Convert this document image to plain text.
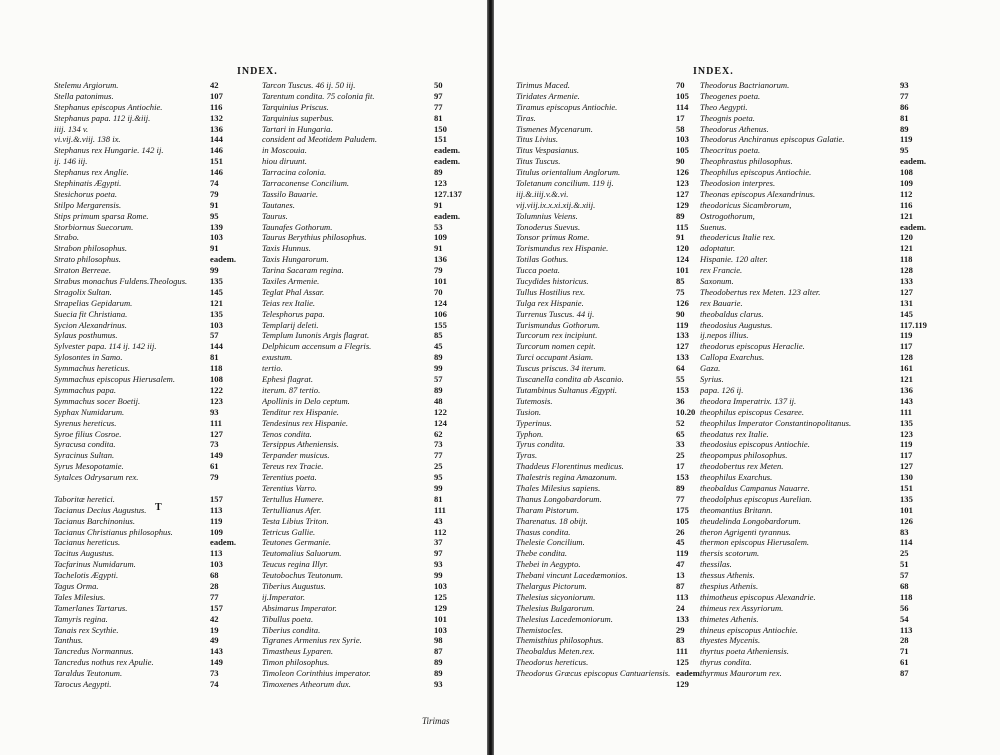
INDEX.	INDEX.
Stelemu Argiorum.	42
Stella patonimus.	107
Stephanus episcopus Antiochie.	116
Stephanus papa. 112 ij.&iij.	132
iiij. 134 v.	136
vi.vij.&.viij. 138 ix.	144
Stephanus rex Hungarie. 142 ij.	146
ij. 146 iij.	151
Stephanus rex Anglie.	146
Stephinatis Ægypti.	74
Stesichorus poeta.	79
Stilpo Mergarensis.	91
Stips primum sparsa Rome.	95
Storbiornus Suecorum.	139
Strabo.	103
Strabon philosophus.	91
Strato philosophus.	eadem.
Straton Berreae.	99
Strabus monachus Fuldens.Theologus.	135
Stragolix Sultan.	145
Strapelias Gepidarum.	121
Suecia fit Christiana.	135
Sycion Alexandrinus.	103
Sylaus posthumus.	57
Sylvester papa. 114 ij. 142 iij.	144
Sylosontes in Samo.	81
Symmachus hereticus.	118
Symmachus episcopus Hierusalem.	108
Symmachus papa.	122
Symmachus socer Boetij.	123
Syphax Numidarum.	93
Syrenus hereticus.	111
Syroe filius Cosroe.	127
Syracusa condita.	73
Syracinus Sultan.	149
Syrus Mesopotamie.	61
Sytalces Odrysarum rex.	79
Taboritæ heretici.	157
Tacianus Decius Augustus.	113
Tacianus Barchinonius.	119
Tacianus Christianus philosophus.	109
Tacianus hereticus.	eadem.
Tacitus Augustus.	113
Tacfarinus Numidarum.	103
Tachelotis Ægypti.	68
Tagus Orma.	28
Tales Milesius.	77
Tamerlanes Tartarus.	157
Tamyris regina.	42
Tanais rex Scythie.	19
Tanthus.	49
Tancredus Normannus.	143
Tancredus nothus rex Apulie.	149
Taraldus Teutonum.	73
Tarocus Aegypti.	74
Tarcon Tuscus. 46 ij. 50 iij.	50
Tarentum condita. 75 colonia fit.	97
Tarquinius Priscus.	77
Tarquinius superbus.	81
Tartari in Hungaria.	150
consident ad Meotidem Paludem.	151
in Moscouia.	eadem.
hiou diruunt.	eadem.
Tarracina colonia.	89
Tarraconense Concilium.	123
Tassilo Bauarie.	127.137
Tautanes.	91
Taurus.	eadem.
Taunafes Gothorum.	53
Taurus Berythius philosophus.	109
Taxis Hunnus.	91
Taxis Hungarorum.	136
Tarina Sacaram regina.	79
Taxiles Armenie.	101
Teglat Phal Assar.	70
Teias rex Italie.	124
Telesphorus papa.	106
Templarij deleti.	155
Templum Iunonis Argis flagrat.	85
Delphicum accensum a Flegris.	45
exustum.	89
tertio.	99
Ephesi flagrat.	57
iterum. 87 tertio.	89
Apollinis in Delo ceptum.	48
Tenditur rex Hispanie.	122
Tendesinus rex Hispanie.	124
Tenos condita.	62
Tersippus Atheniensis.	73
Terpander musicus.	77
Tereus rex Tracie.	25
Terentius poeta.	95
Terentius Varro.	99
Tertullus Humere.	81
Tertullianus Afer.	111
Testa Libius Triton.	43
Tetricus Gallie.	112
Teutones Germanie.	37
Teutomalius Saluorum.	97
Teucus regina Illyr.	93
Teutobochus Teutonum.	99
Tiberius Augustus.	103
ij.Imperator.	125
Absimarus Imperator.	129
Tibullus poeta.	101
Tiberius condita.	103
Tigranes Armenius rex Syrie.	98
Timastheus Lyparen.	87
Timon philosophus.	89
Timoleon Corinthius imperator.	89
Timoxenes Atheorum dux.	93
Tirimus Maced.	70
Tiridates Armenie.	105
Tiramus episcopus Antiochie.	114
Tiras.	17
Tismenes Mycenarum.	58
Titus Livius.	103
Titus Vespasianus.	105
Titus Tuscus.	90
Titulus orientalium Anglorum.	126
Toletanum concilium. 119 ij.	123
iij.&.iiij.v.&.vi.	127
vij.viij.ix.x.xi.xij.&.xiij.	129
Tolumnius Veiens.	89
Tonoderus Suevus.	115
Tonsor primus Rome.	91
Torismundus rex Hispanie.	120
Totilas Gothus.	124
Tucca poeta.	101
Tucydides historicus.	85
Tullus Hostilius rex.	75
Tulga rex Hispanie.	126
Turrenus Tuscus. 44 ij.	90
Turismundus Gothorum.	119
Turcorum rex incipiunt.	133
Turcorum nomen cepit.	127
Turci occupant Asiam.	133
Tuscus priscus. 34 iterum.	64
Tuscanella condita ab Ascanio.	55
Tutambinus Sultanus Ægypti.	153
Tutemosis.	36
Tusion.	10.20
Typerinus.	52
Typhon.	65
Tyrus condita.	33
Tyras.	25
Thaddeus Florentinus medicus.	17
Thalestris regina Amazonum.	153
Thales Milesius sapiens.	89
Thanus Longobardorum.	77
Tharam Pistorum.	175
Tharenatus. 18 obijt.	105
Thasus condita.	26
Thelesie Concilium.	45
Thebe condita.	119
Thebei in Aegypto.	47
Thebani vincunt Lacedæmonios.	13
Thelargus Pictorum.	87
Thelesius sicyoniorum.	113
Thelesius Bulgarorum.	24
Thelesius Lacedemoniorum.	133
Themistocles.	29
Themisthius philosophus.	83
Theobaldus Meten.rex.	111
Theodorus hereticus.	125
Theodorus Græcus episcopus Cantuariensis. eadem.
129
Theodorus Bactrianorum.	93
Theogenes poeta.	77
Theo Aegypti.	86
Theognis poeta.	81
Theodorus Athenus.	89
Theodorus Anchiranus episcopus Galatie.	119
Theocritus poeta.	95
Theophrastus philosophus.	eadem.
Theophilus episcopus Antiochie.	108
Theodosion interpres.	109
Theonas episcopus Alexandrinus.	112
theodoricus Sicambrorum,	116
Ostrogothorum,	121
Suenus.	eadem.
theodericus Italie rex.	120
adoptatur.	121
Hispanie. 120 alter.	118
rex Francie.	128
Saxonum.	133
Theodobertus rex Meten. 123 alter.	127
rex Bauarie.	131
theobaldus clarus.	145
theodosius Augustus.	117.119
ij.nepos illius.	119
theodorus episcopus Heraclie.	117
Callopa Exarchus.	128
Gaza.	161
Syrius.	121
papa. 126 ij.	136
theodora Imperatrix. 137 ij.	143
theophilus episcopus Cesaree.	111
theophilus Imperator Constantinopolitanus.	135
theodatus rex Italie.	123
theodosius episcopus Antiochie.	119
theopompus philosophus.	117
theodobertus rex Meten.	127
theophilus Exarchus.	130
theobaldus Campanus Nauarre.	151
theodolphus episcopus Aurelian.	135
theomantius Britann.	101
theudelinda Longobardorum.	126
theron Agrigenti tyrannus.	83
thermon episcopus Hierusalem.	114
thersis scotorum.	25
thessilas.	51
thessus Athenis.	57
thespius Athenis.	68
thimotheus episcopus Alexandrie.	118
thimeus rex Assyriorum.	56
thimetes Athenis.	54
thineus episcopus Antiochie.	113
thyestes Mycenis.	28
thyrtus poeta Atheniensis.	71
thyrus condita.	61
thyrmus Maurorum rex.	87
T
Tirimas
